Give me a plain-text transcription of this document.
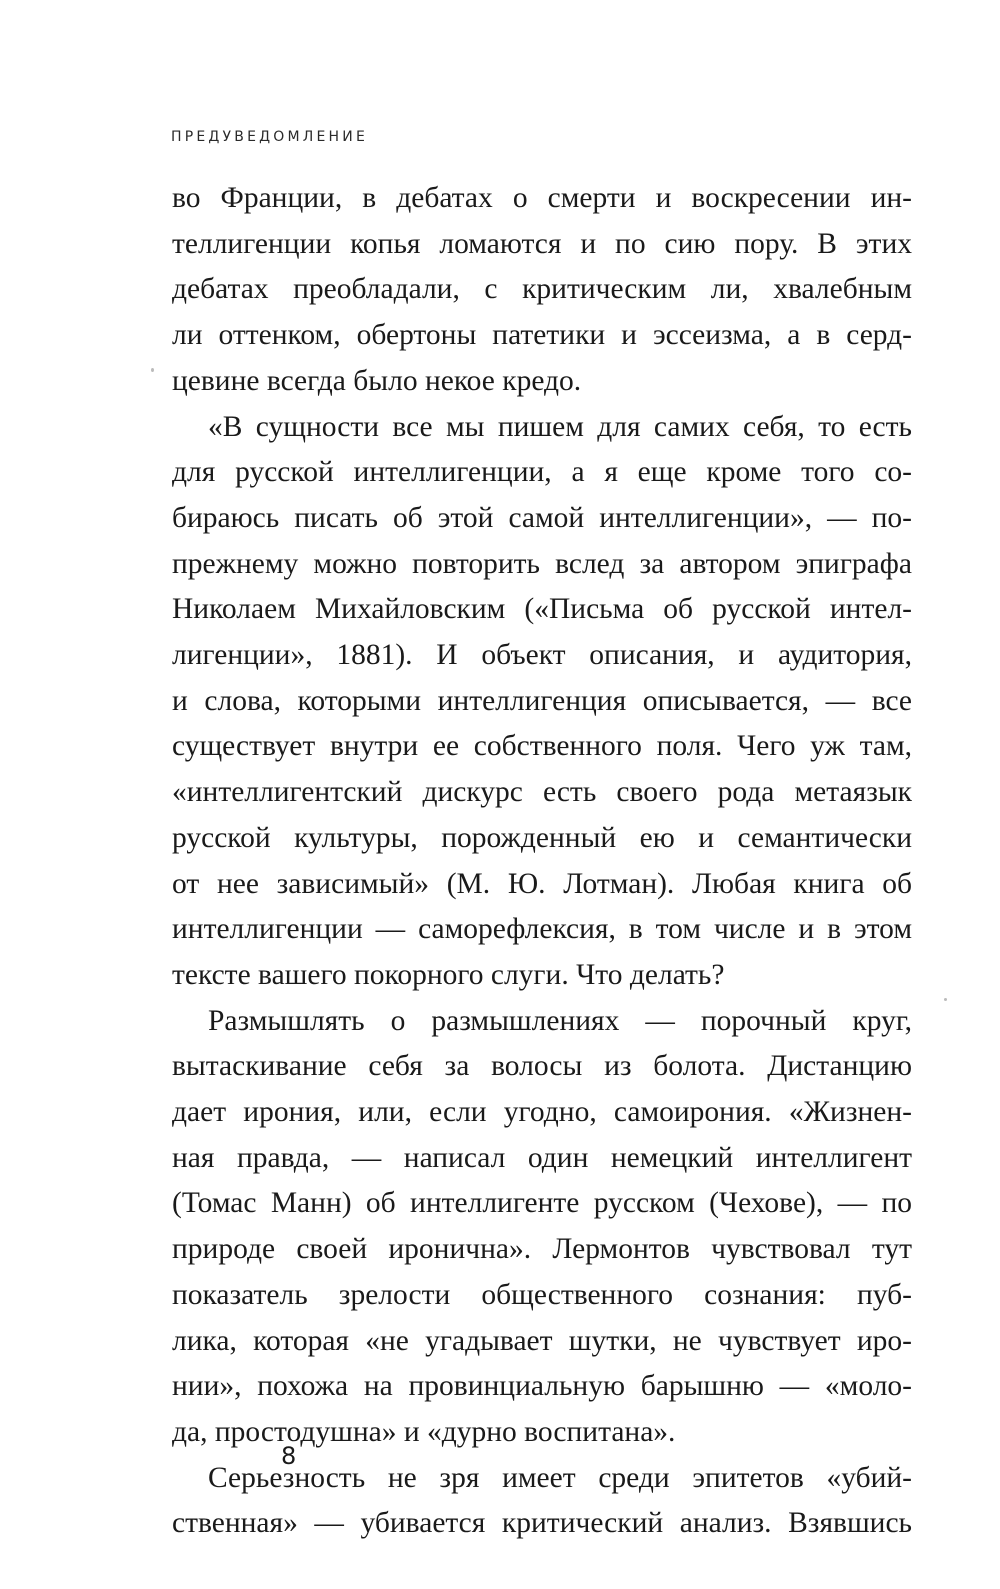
ПРЕДУВЕДОМЛЕНИЕ
во Франции, в дебатах о смерти и воскресении ин-
теллигенции копья ломаются и по сию пору. В этих
дебатах преобладали, с критическим ли, хвалебным
ли оттенком, обертоны патетики и эссеизма, а в серд-
цевине всегда было некое кредо.
«В сущности все мы пишем для самих себя, то есть
для русской интеллигенции, а я еще кроме того со-
бираюсь писать об этой самой интеллигенции», — по-
прежнему можно повторить вслед за автором эпиграфа
Николаем Михайловским («Письма об русской интел-
лигенции», 1881). И объект описания, и аудитория,
и слова, которыми интеллигенция описывается, — все
существует внутри ее собственного поля. Чего уж там,
«интеллигентский дискурс есть своего рода метаязык
русской культуры, порожденный ею и семантически
от нее зависимый» (М. Ю. Лотман). Любая книга об
интеллигенции — саморефлексия, в том числе и в этом
тексте вашего покорного слуги. Что делать?
Размышлять о размышлениях — порочный круг,
вытаскивание себя за волосы из болота. Дистанцию
дает ирония, или, если угодно, самоирония. «Жизнен-
ная правда, — написал один немецкий интеллигент
(Томас Манн) об интеллигенте русском (Чехове), — по
природе своей иронична». Лермонтов чувствовал тут
показатель зрелости общественного сознания: пуб-
лика, которая «не угадывает шутки, не чувствует иро-
нии», похожа на провинциальную барышню — «моло-
да, простодушна» и «дурно воспитана».
Серьезность не зря имеет среди эпитетов «убий-
ственная» — убивается критический анализ. Взявшись
8
